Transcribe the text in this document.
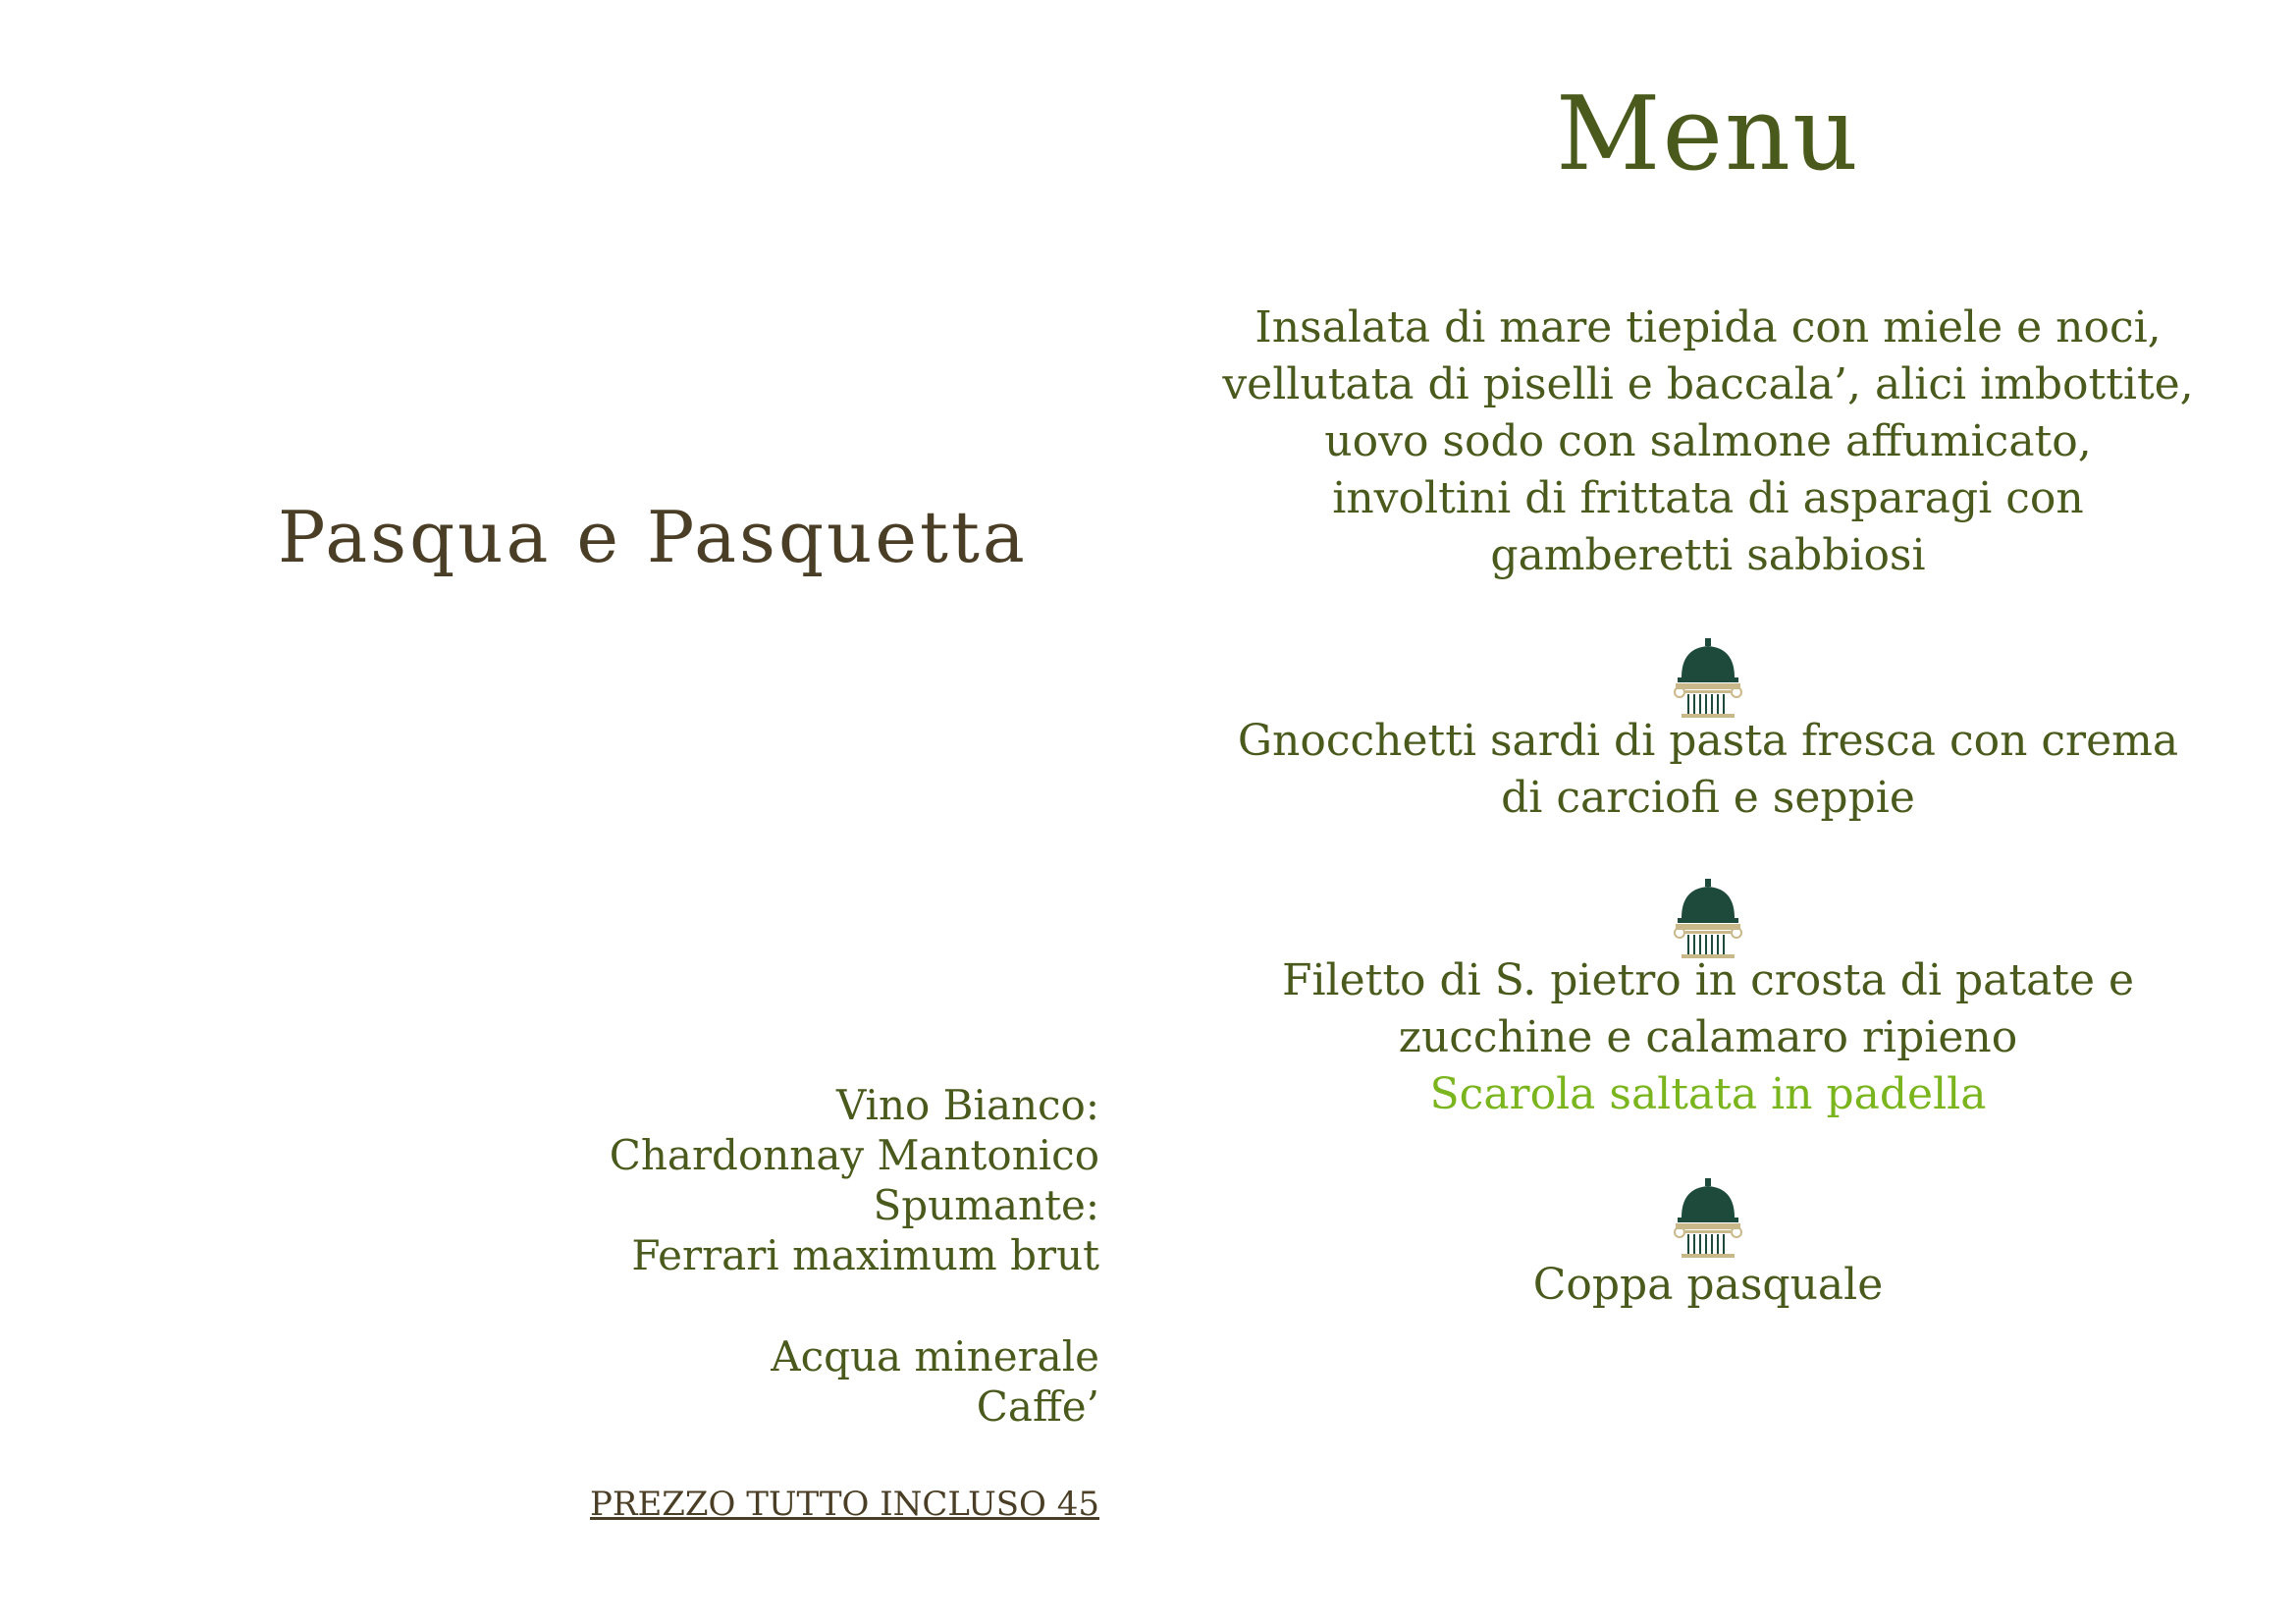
Pasqua e Pasquetta
Vino Bianco:
Chardonnay Mantonico
Spumante:
Ferrari maximum brut
Acqua minerale
Caffe’
PREZZO TUTTO INCLUSO 45
Menu
Insalata di mare tiepida con miele e noci,
vellutata di piselli e baccala’, alici imbottite,
uovo sodo con salmone affumicato,
involtini di frittata di asparagi con
gamberetti sabbiosi
Gnocchetti sardi di pasta fresca con crema
di carciofi e seppie
Filetto di S. pietro in crosta di patate e
zucchine e calamaro ripieno
Scarola saltata in padella
Coppa pasquale
